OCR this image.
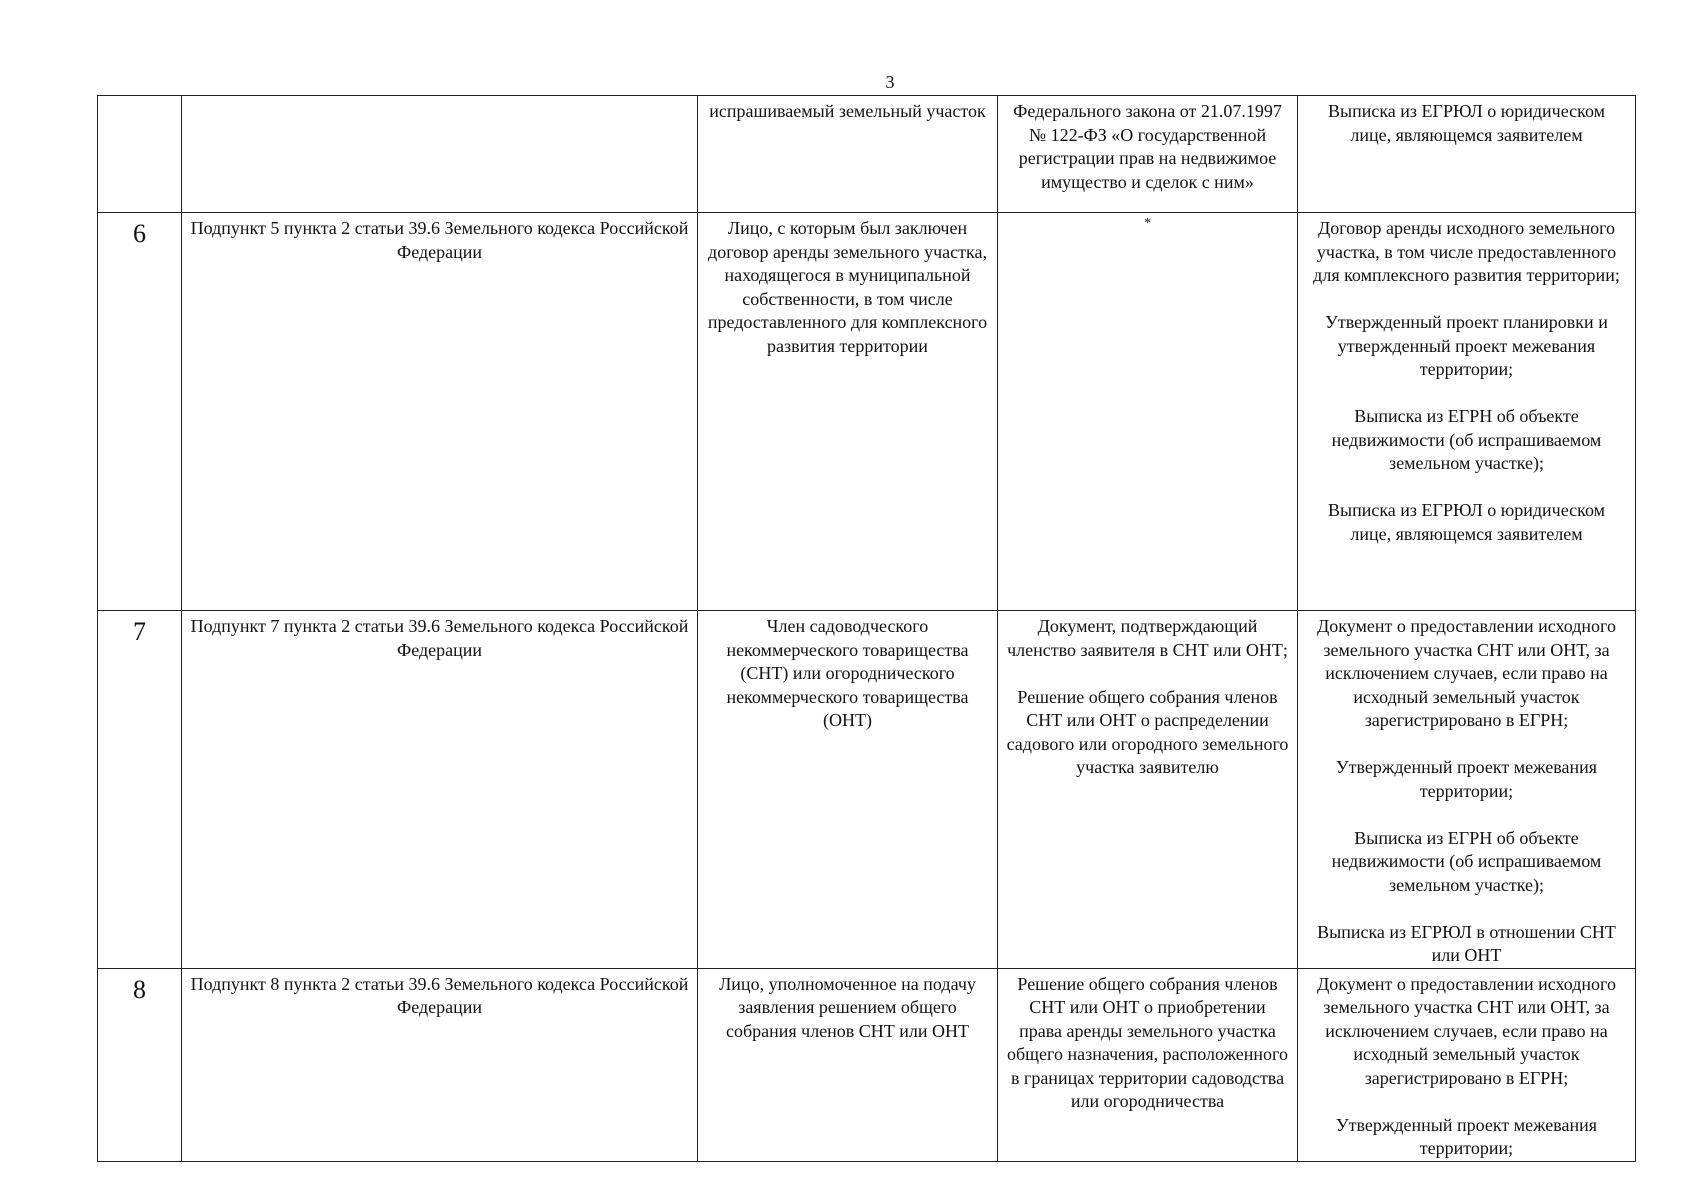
3
		испрашиваемый земельный участок	Федерального закона от 21.07.1997 № 122-ФЗ «О государственной регистрации прав на недвижимое имущество и сделок с ним»	Выписка из ЕГРЮЛ о юридическом лице, являющемся заявителем

6	Подпункт 5 пункта 2 статьи 39.6 Земельного кодекса Российской Федерации	Лицо, с которым был заключен договор аренды земельного участка, находящегося в муниципальной собственности, в том числе предоставленного для комплексного развития территории	*	Договор аренды исходного земельного участка, в том числе предоставленного для комплексного развития территории;
Утвержденный проект планировки и утвержденный проект межевания территории;
Выписка из ЕГРН об объекте недвижимости (об испрашиваемом земельном участке);
Выписка из ЕГРЮЛ о юридическом лице, являющемся заявителем

7	Подпункт 7 пункта 2 статьи 39.6 Земельного кодекса Российской Федерации	Член садоводческого некоммерческого товарищества (СНТ) или огороднического некоммерческого товарищества (ОНТ)	Документ, подтверждающий членство заявителя в СНТ или ОНТ;
Решение общего собрания членов СНТ или ОНТ о распределении садового или огородного земельного участка заявителю	Документ о предоставлении исходного земельного участка СНТ или ОНТ, за исключением случаев, если право на исходный земельный участок зарегистрировано в ЕГРН;
Утвержденный проект межевания территории;
Выписка из ЕГРН об объекте недвижимости (об испрашиваемом земельном участке);
Выписка из ЕГРЮЛ в отношении СНТ или ОНТ

8	Подпункт 8 пункта 2 статьи 39.6 Земельного кодекса Российской Федерации	Лицо, уполномоченное на подачу заявления решением общего собрания членов СНТ или ОНТ	Решение общего собрания членов СНТ или ОНТ о приобретении права аренды земельного участка общего назначения, расположенного в границах территории садоводства или огородничества	Документ о предоставлении исходного земельного участка СНТ или ОНТ, за исключением случаев, если право на исходный земельный участок зарегистрировано в ЕГРН;
Утвержденный проект межевания территории;
